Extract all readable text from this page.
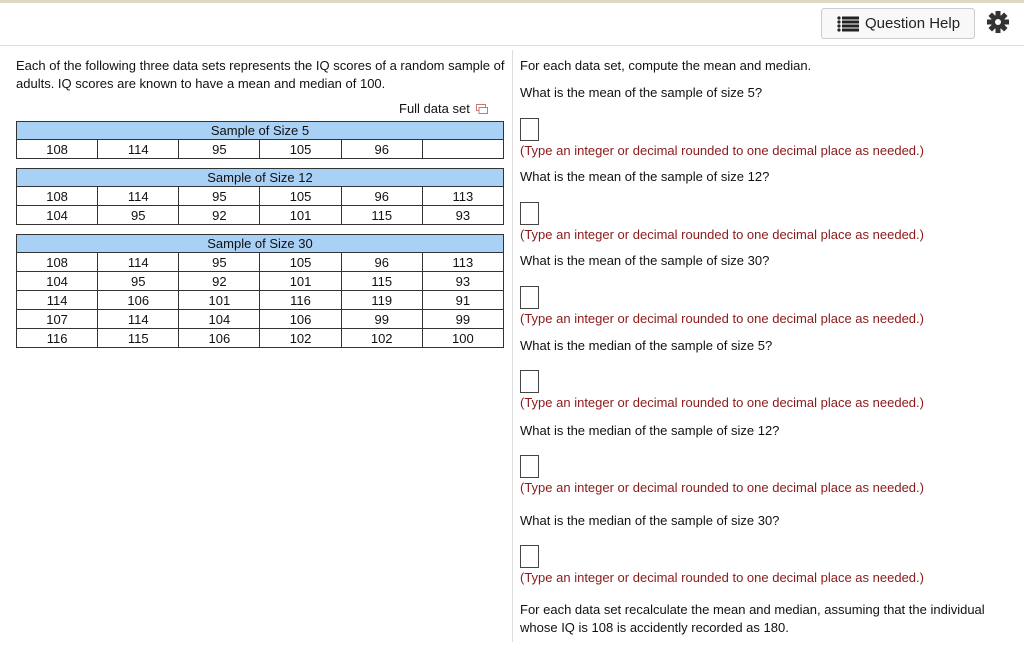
Question Help
Each of the following three data sets represents the IQ scores of a random sample of adults. IQ scores are known to have a mean and median of 100.
Full data set
Sample of Size 5
108	114	95	105	96	
Sample of Size 12					
108	114	95	105	96	113
104	95	92	101	115	93
Sample of Size 30					
108	114	95	105	96	113
104	95	92	101	115	93
114	106	101	116	119	91
107	114	104	106	99	99
116	115	106	102	102	100
For each data set, compute the mean and median.
What is the mean of the sample of size 5?
(Type an integer or decimal rounded to one decimal place as needed.)
What is the mean of the sample of size 12?
(Type an integer or decimal rounded to one decimal place as needed.)
What is the mean of the sample of size 30?
(Type an integer or decimal rounded to one decimal place as needed.)
What is the median of the sample of size 5?
(Type an integer or decimal rounded to one decimal place as needed.)
What is the median of the sample of size 12?
(Type an integer or decimal rounded to one decimal place as needed.)
What is the median of the sample of size 30?
(Type an integer or decimal rounded to one decimal place as needed.)
For each data set recalculate the mean and median, assuming that the individual whose IQ is 108 is accidently recorded as 180.
